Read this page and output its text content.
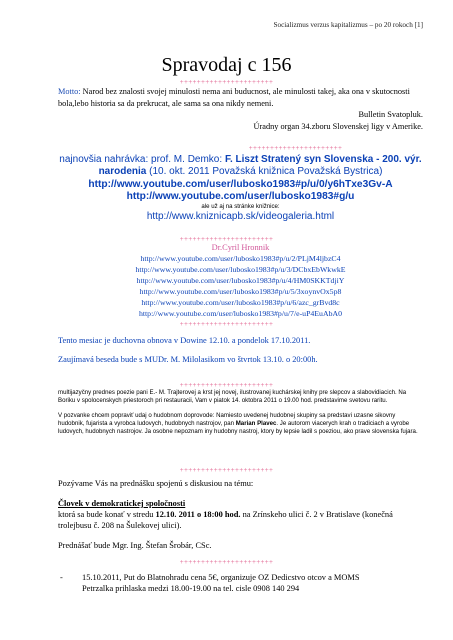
Socializmus verzus kapitalizmus – po 20 rokoch [1]
Spravodaj c 156
++++++++++++++++++++++
Motto: Narod bez znalosti svojej minulosti nema ani buducnost, ale minulosti takej, aka ona v skutocnosti bola,lebo historia sa da prekrucat, ale sama sa ona nikdy nemeni.
Bulletin Svatopluk.
Úradny organ 34.zboru Slovenskej ligy v Amerike.
++++++++++++++++++++++
najnovšia nahrávka: prof. M. Demko: F. Liszt Stratený syn Slovenska - 200. výr. narodenia (10. okt. 2011 Považská knižnica Považská Bystrica)
http://www.youtube.com/user/lubosko1983#p/u/0/y6hTxe3Gv-A
http://www.youtube.com/user/lubosko1983#g/u
ale už aj na stránke knižnice:
http://www.kniznicapb.sk/videogaleria.html
++++++++++++++++++++++
Dr.Cyril Hronnik
http://www.youtube.com/user/lubosko1983#p/u/2/PLjM4ljbzC4
http://www.youtube.com/user/lubosko1983#p/u/3/DCbxEbWkwkE
http://www.youtube.com/user/lubosko1983#p/u/4/HM0SKKTdjiY
http://www.youtube.com/user/lubosko1983#p/u/5/3xoynvOx5p8
http://www.youtube.com/user/lubosko1983#p/u/6/azc_grBvd8c
http://www.youtube.com/user/lubosko1983#p/u/7/e-uP4EuAbA0
++++++++++++++++++++++
Tento mesiac je duchovna obnova v Dowine 12.10. a pondelok 17.10.2011.
Zaujímavá beseda bude s MUDr. M. Milolasikom vo štvrtok 13.10. o 20:00h.
++++++++++++++++++++++
multijazyčny prednes poezie pani E.- M. Trajterovej a krst jej novej, ilustrovanej kuchárskej knihy pre slepcov a slabovidiacich. Na Boriku v spolocenskych priestoroch pri restauracii, Vam v piatok 14. oktobra 2011 o 19.00 hod. predstavime svetovu raritu.
V pozvanke chcem popraviť udaj o hudobnom doprovode: Namiesto uvedenej hudobnej skupiny sa predstavi uzasne sikovny hudobnik, fujarista a vyrobca ludovych, hudobnych nastrojov, pan Marian Plavec. Je autorom viacerych krah o tradiciach a vyrobe ludovych, hudobnych nastrojov. Ja osobne nepoznam iny hudobny nastroj, ktory by lepsie ladil s poeziou, ako prave slovenska fujara.
++++++++++++++++++++++
Pozývame Vás na prednášku spojenú s diskusiou na tému:
Človek v demokratickej spoločnosti
ktorá sa bude konať v stredu 12.10. 2011 o 18:00 hod. na Zrínskeho ulici č. 2 v Bratislave (konečná trolejbusu č. 208 na Šulekovej ulici).
Prednášať bude Mgr. Ing. Štefan Šrobár, CSc.
++++++++++++++++++++++
-	15.10.2011, Put do Blatnohradu cena 5€, organizuje OZ Dedicstvo otcov a MOMS
Petrzalka prihlaska medzi 18.00-19.00 na tel. cisle 0908 140 294
